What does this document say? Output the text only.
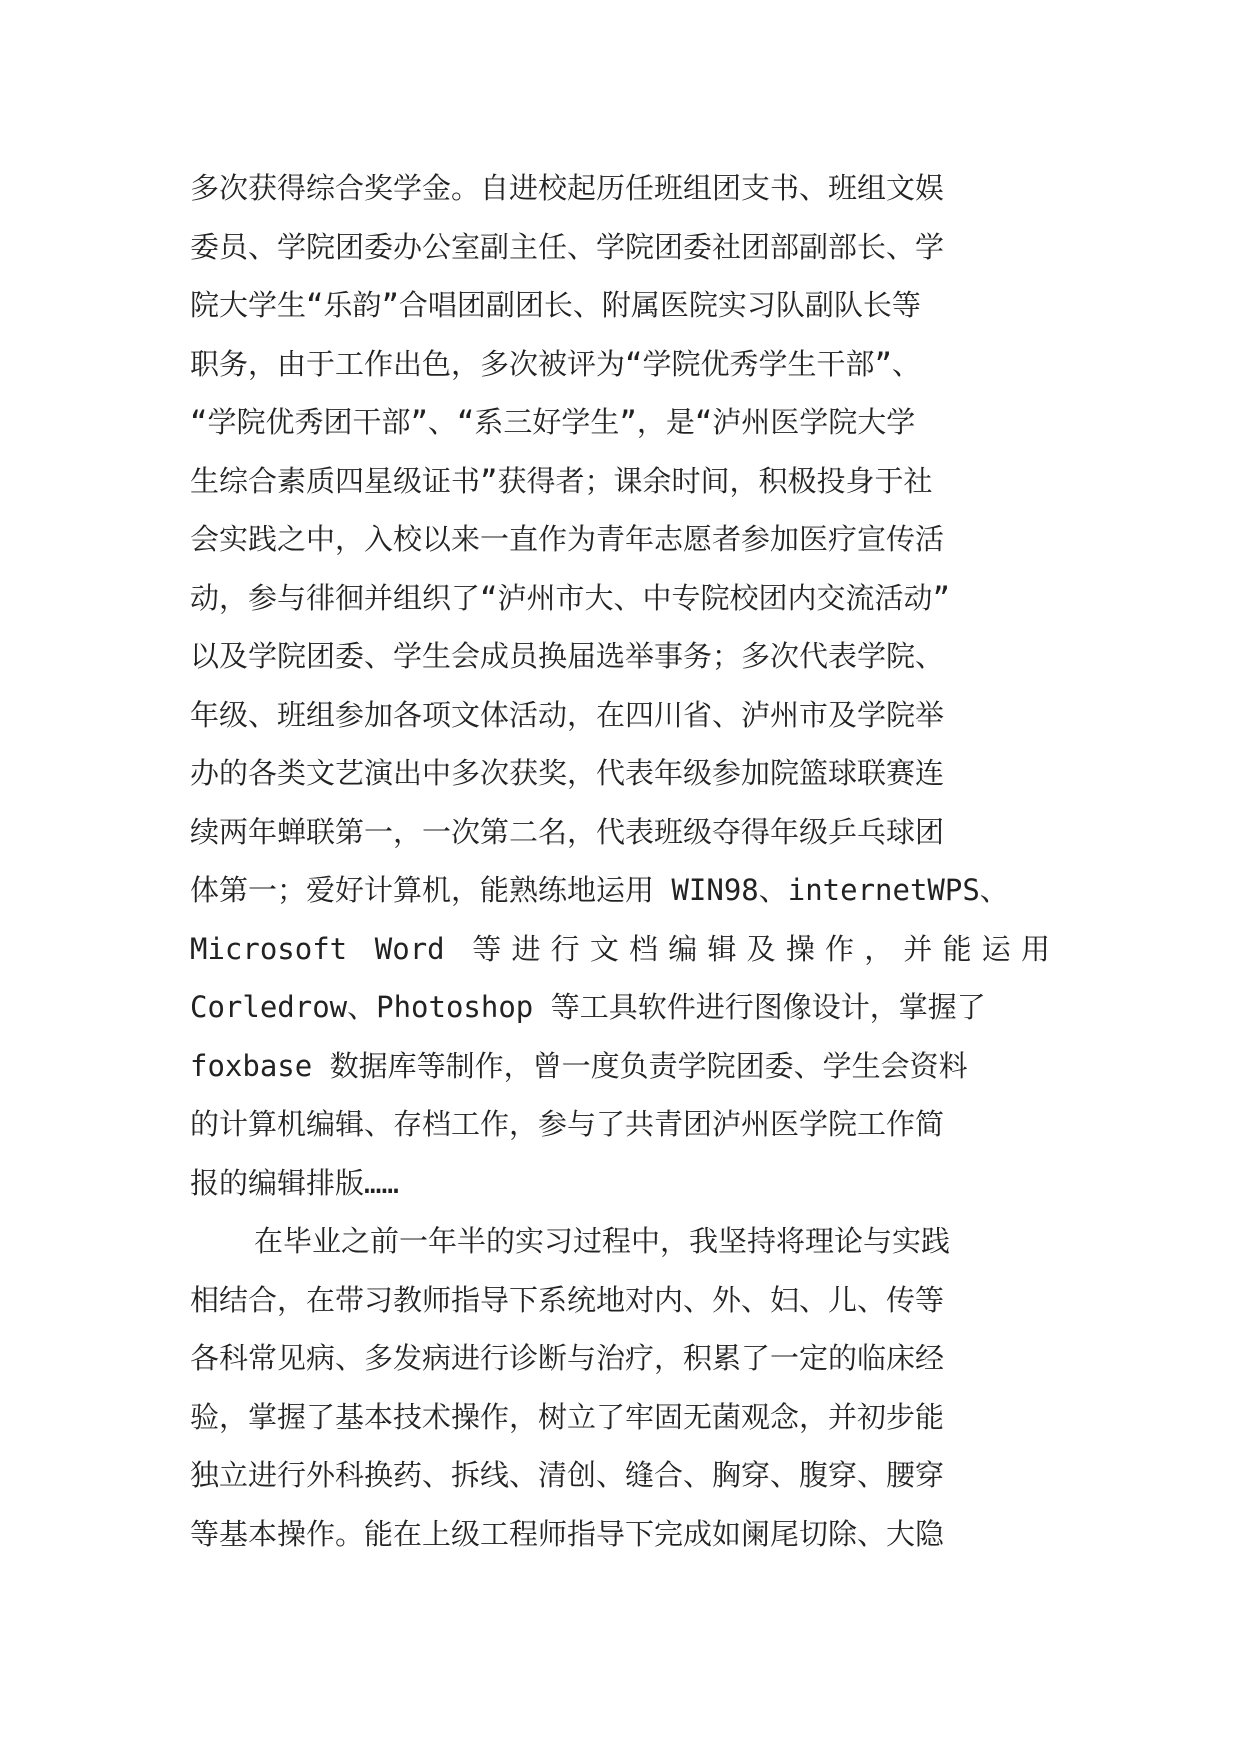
多次获得综合奖学金。自进校起历任班组团支书、班组文娱
委员、学院团委办公室副主任、学院团委社团部副部长、学
院大学生“乐韵”合唱团副团长、附属医院实习队副队长等
职务，由于工作出色，多次被评为“学院优秀学生干部”、
“学院优秀团干部”、“系三好学生”，是“泸州医学院大学
生综合素质四星级证书”获得者；课余时间，积极投身于社
会实践之中，入校以来一直作为青年志愿者参加医疗宣传活
动，参与徘徊并组织了“泸州市大、中专院校团内交流活动”
以及学院团委、学生会成员换届选举事务；多次代表学院、
年级、班组参加各项文体活动，在四川省、泸州市及学院举
办的各类文艺演出中多次获奖，代表年级参加院篮球联赛连
续两年蝉联第一，一次第二名，代表班级夺得年级乒乓球团
体第一；爱好计算机，能熟练地运用 WIN98、internetWPS、
Microsoft Word 等进行文档编辑及操作，并能运用
Corledrow、Photoshop 等工具软件进行图像设计，掌握了
foxbase 数据库等制作，曾一度负责学院团委、学生会资料
的计算机编辑、存档工作，参与了共青团泸州医学院工作简
报的编辑排版……
在毕业之前一年半的实习过程中，我坚持将理论与实践
相结合，在带习教师指导下系统地对内、外、妇、儿、传等
各科常见病、多发病进行诊断与治疗，积累了一定的临床经
验，掌握了基本技术操作，树立了牢固无菌观念，并初步能
独立进行外科换药、拆线、清创、缝合、胸穿、腹穿、腰穿
等基本操作。能在上级工程师指导下完成如阑尾切除、大隐
